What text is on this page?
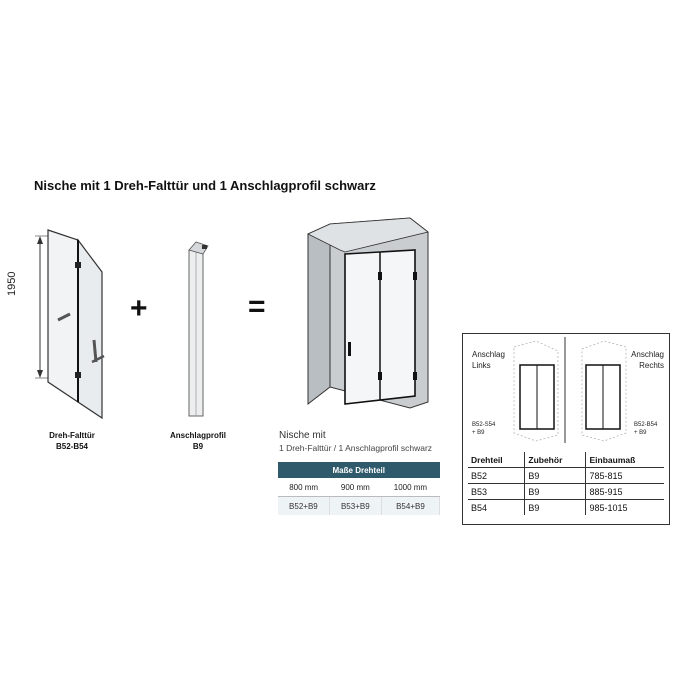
Nische mit 1 Dreh-Falttür und 1 Anschlagprofil schwarz
1950
Dreh-Falttür
B52-B54
+
Anschlagprofil
B9
=
Nische mit
1 Dreh-Falttür / 1 Anschlagprofil schwarz
Maße Drehteil		
800 mm	900 mm	1000 mm
B52+B9	B53+B9	B54+B9
Anschlag
Links
Anschlag
Rechts
B52-S54
+ B9
B52-B54
+ B9
Drehteil	Zubehör	Einbaumaß
B52	B9	785-815
B53	B9	885-915
B54	B9	985-1015
